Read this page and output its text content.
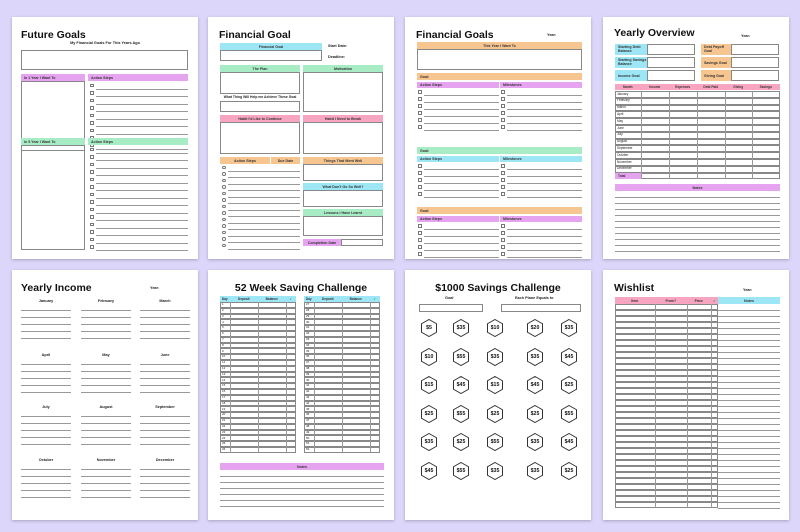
Future Goals
My Financial Goals For This Years Ago
In 1 Year I Want To	Action Steps
In 5 Year I Want To	Action Steps
Financial Goal
Financial Goal	Start Date:
Deadline:
The Plan	Motivation
What Thing Will Help me Achieve These Goal
Habit I'd Like to Continue	Habit I Need to Break
Action Steps	Due Date	Things That Went Well
What Don't Go So Well?
Lessons I Have Learnt
Completion Date
Financial Goals	Year:
This Year I Want To
Goal:
Action Steps	Milestones
Goal:
Action Steps	Milestones
Goal:
Action Steps	Milestones
Yearly Overview	Year:
Starting Debt Balance
Starting Savings Balance
Income Goal
Debt Payoff Goal
Savings Goal
Giving Goal
Month	Income	Expenses	Debt Paid	Giving	Savings
January
February
March
April
May
June
July
August
September
October
November
December
Total
Notes
Yearly Income	Year:
January	February	March
April	May	June
July	August	September
October	November	December
52 Week Saving Challenge
Notes
Day	Deposit	Balance	✓
1
2
3
4
5
6
7
8
9
10
11
12
13
14
15
16
17
18
19
20
21
22
23
24
25
26
Day	Deposit	Balance	✓
27
28
29
30
31
32
33
34
35
36
37
38
39
40
41
42
43
44
45
46
47
48
49
50
51
52
$1000 Savings Challenge
Goal	Each Plane Equals to
$5	$35	$10	$20	$35
$10	$55	$35	$35	$45
$15	$45	$15	$45	$25
$25	$55	$25	$25	$55
$35	$25	$55	$35	$45
$45	$55	$35	$35	$25
Wishlist	Year:
Notes
Item	From?	Price	✓
